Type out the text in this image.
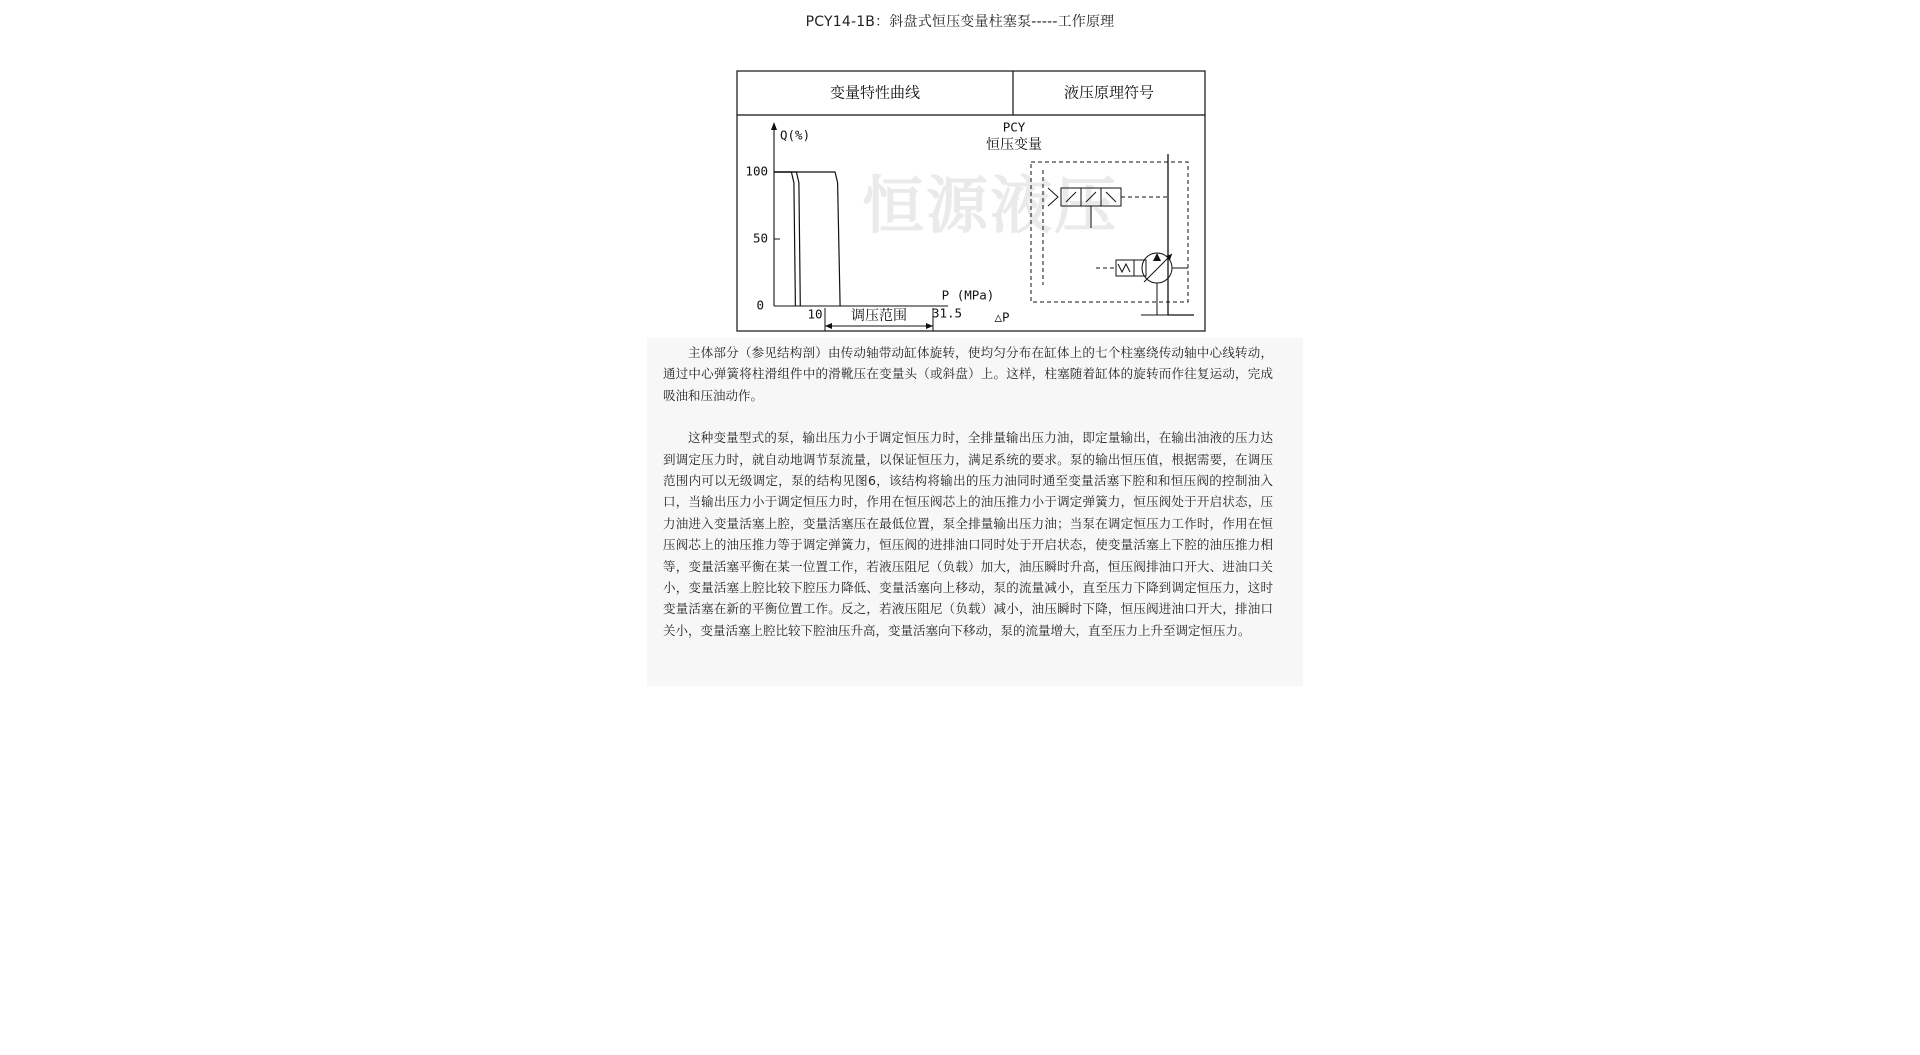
PCY14-1B：斜盘式恒压变量柱塞泵-----工作原理
变量特性曲线	液压原理符号
恒源液压
PCY
恒压变量
Q(%)
100
50
0
10	31.5
P (MPa)
△P
调压范围

主体部分（参见结构剖）由传动轴带动缸体旋转，使均匀分布在缸体上的七个柱塞绕传动轴中心线转动，通过中心弹簧将柱滑组件中的滑靴压在变量头（或斜盘）上。这样，柱塞随着缸体的旋转而作往复运动，完成吸油和压油动作。

这种变量型式的泵，输出压力小于调定恒压力时，全排量输出压力油，即定量输出，在输出油液的压力达到调定压力时，就自动地调节泵流量，以保证恒压力，满足系统的要求。泵的输出恒压值，根据需要，在调压范围内可以无级调定，泵的结构见图6，该结构将输出的压力油同时通至变量活塞下腔和和恒压阀的控制油入口，当输出压力小于调定恒压力时，作用在恒压阀芯上的油压推力小于调定弹簧力，恒压阀处于开启状态，压力油进入变量活塞上腔，变量活塞压在最低位置，泵全排量输出压力油；当泵在调定恒压力工作时，作用在恒压阀芯上的油压推力等于调定弹簧力，恒压阀的进排油口同时处于开启状态，使变量活塞上下腔的油压推力相等，变量活塞平衡在某一位置工作，若液压阻尼（负载）加大，油压瞬时升高，恒压阀排油口开大、进油口关小，变量活塞上腔比较下腔压力降低、变量活塞向上移动，泵的流量减小，直至压力下降到调定恒压力，这时变量活塞在新的平衡位置工作。反之，若液压阻尼（负载）减小，油压瞬时下降，恒压阀进油口开大，排油口关小，变量活塞上腔比较下腔油压升高，变量活塞向下移动，泵的流量增大，直至压力上升至调定恒压力。
